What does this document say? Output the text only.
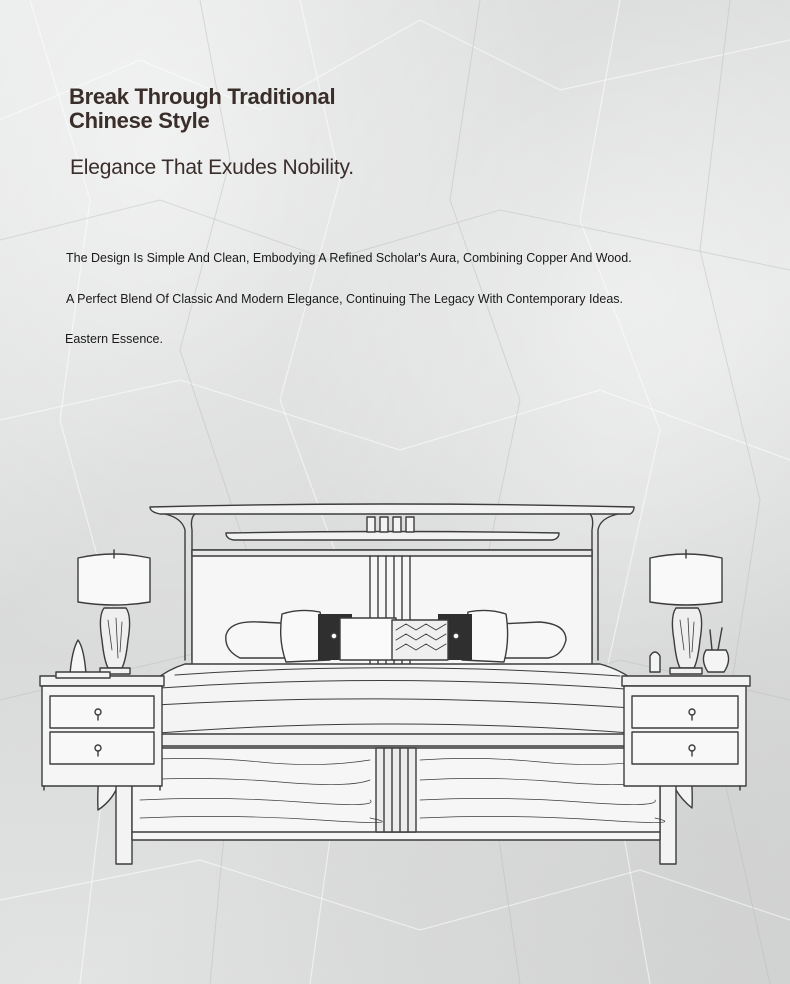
Break Through Traditional
Chinese Style
Elegance That Exudes Nobility.

The Design Is Simple And Clean, Embodying A Refined Scholar's Aura, Combining Copper And Wood.

A Perfect Blend Of Classic And Modern Elegance, Continuing The Legacy With Contemporary Ideas.

Eastern Essence.
